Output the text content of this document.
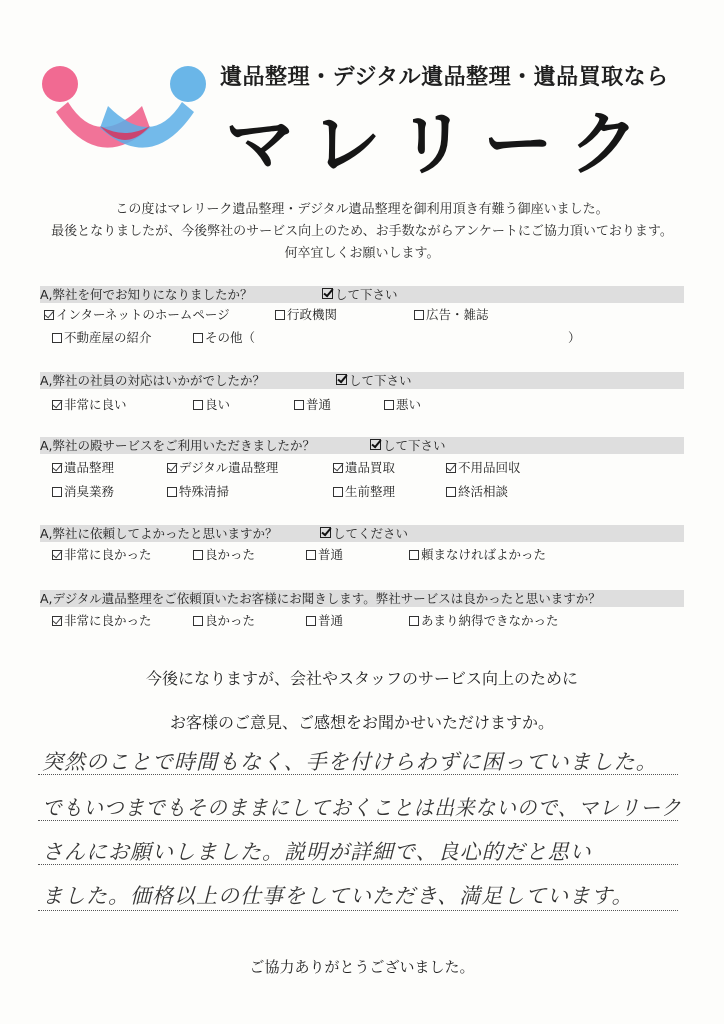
遺品整理・デジタル遺品整理・遺品買取なら
マレリーク
この度はマレリーク遺品整理・デジタル遺品整理を御利用頂き有難う御座いました。
最後となりましたが、今後弊社のサービス向上のため、お手数ながらアンケートにご協力頂いております。
何卒宜しくお願いします。
A,弊社を何でお知りになりましたか？	して下さい
インターネットのホームページ	行政機関	広告・雑誌
不動産屋の紹介	その他（	）
A,弊社の社員の対応はいかがでしたか？	して下さい
非常に良い	良い	普通	悪い
A,弊社の殿サービスをご利用いただきましたか？	して下さい
遺品整理	デジタル遺品整理	遺品買取	不用品回収
消臭業務	特殊清掃	生前整理	終活相談
A,弊社に依頼してよかったと思いますか？	してください
非常に良かった	良かった	普通	頼まなければよかった
A,デジタル遺品整理をご依頼頂いたお客様にお聞きします。弊社サービスは良かったと思いますか？
非常に良かった	良かった	普通	あまり納得できなかった
今後になりますが、会社やスタッフのサービス向上のために
お客様のご意見、ご感想をお聞かせいただけますか。
突然のことで時間もなく、手を付けらわずに困っていました。
でもいつまでもそのままにしておくことは出来ないので、マレリーク
さんにお願いしました。説明が詳細で、良心的だと思い
ました。価格以上の仕事をしていただき、満足しています。
ご協力ありがとうございました。
